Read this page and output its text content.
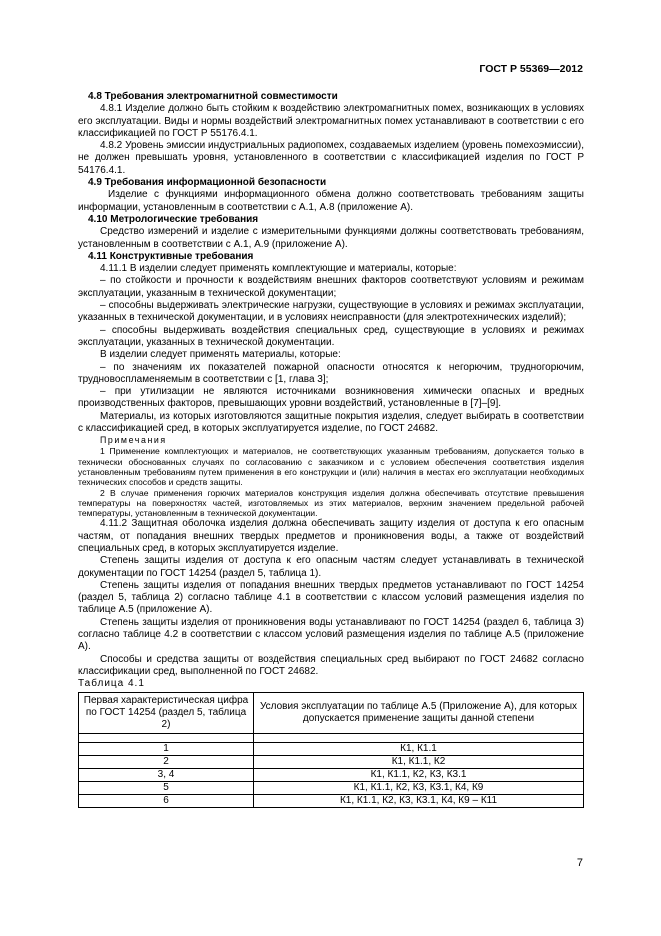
ГОСТ Р 55369—2012

4.8 Требования электромагнитной совместимости

4.8.1 Изделие должно быть стойким к воздействию электромагнитных помех, возникающих в условиях его эксплуатации. Виды и нормы воздействий электромагнитных помех устанавливают в соответствии с его классификацией по ГОСТ Р 55176.4.1.

4.8.2 Уровень эмиссии индустриальных радиопомех, создаваемых изделием (уровень помехоэмиссии), не должен превышать уровня, установленного в соответствии с классификацией изделия по ГОСТ Р 54176.4.1.

4.9 Требования информационной безопасности

Изделие с функциями информационного обмена должно соответствовать требованиям защиты информации, установленным в соответствии с А.1, А.8 (приложение А).

4.10 Метрологические требования

Средство измерений и изделие с измерительными функциями должны соответствовать требованиям, установленным в соответствии с А.1, А.9 (приложение А).

4.11 Конструктивные требования

4.11.1 В изделии следует применять комплектующие и материалы, которые:

– по стойкости и прочности к воздействиям внешних факторов соответствуют условиям и режимам эксплуатации, указанным в технической документации;

– способны выдерживать электрические нагрузки, существующие в условиях и режимах эксплуатации, указанных в технической документации, и в условиях неисправности (для электротехнических изделий);

– способны выдерживать воздействия специальных сред, существующие в условиях и режимах эксплуатации, указанных в технической документации.

В изделии следует применять материалы, которые:

– по значениям их показателей пожарной опасности относятся к негорючим, трудногорючим, трудновоспламеняемым в соответствии с [1, глава 3];

– при утилизации не являются источниками возникновения химически опасных и вредных производственных факторов, превышающих уровни воздействий, установленные в [7]–[9].

Материалы, из которых изготовляются защитные покрытия изделия, следует выбирать в соответствии с классификацией сред, в которых эксплуатируется изделие, по ГОСТ 24682.

Примечания

1 Применение комплектующих и материалов, не соответствующих указанным требованиям, допускается только в технически обоснованных случаях по согласованию с заказчиком и с условием обеспечения соответствия изделия установленным требованиям путем применения в его конструкции и (или) наличия в местах его эксплуатации необходимых технических способов и средств защиты.

2 В случае применения горючих материалов конструкция изделия должна обеспечивать отсутствие превышения температуры на поверхностях частей, изготовляемых из этих материалов, верхним значением предельной рабочей температуры, установленным в технической документации.

4.11.2 Защитная оболочка изделия должна обеспечивать защиту изделия от доступа к его опасным частям, от попадания внешних твердых предметов и проникновения воды, а также от воздействий специальных сред, в которых эксплуатируется изделие.

Степень защиты изделия от доступа к его опасным частям следует устанавливать в технической документации по ГОСТ 14254 (раздел 5, таблица 1).

Степень защиты изделия от попадания внешних твердых предметов устанавливают по ГОСТ 14254 (раздел 5, таблица 2) согласно таблице 4.1 в соответствии с классом условий размещения изделия по таблице А.5 (приложение А).

Степень защиты изделия от проникновения воды устанавливают по ГОСТ 14254 (раздел 6, таблица 3) согласно таблице 4.2 в соответствии с классом условий размещения изделия по таблице А.5 (приложение А).

Способы и средства защиты от воздействия специальных сред выбирают по ГОСТ 24682 согласно классификации сред, выполненной по ГОСТ 24682.

Таблица 4.1
Первая характеристическая цифра по ГОСТ 14254 (раздел 5, таблица 2)	Условия эксплуатации по таблице А.5 (Приложение А), для которых допускается применение защиты данной степени

1	К1, К1.1
2	К1, К1.1, К2
3, 4	К1, К1.1, К2, К3, К3.1
5	К1, К1.1, К2, К3, К3.1, К4, К9
6	К1, К1.1, К2, К3, К3.1, К4, К9 – К11
7
